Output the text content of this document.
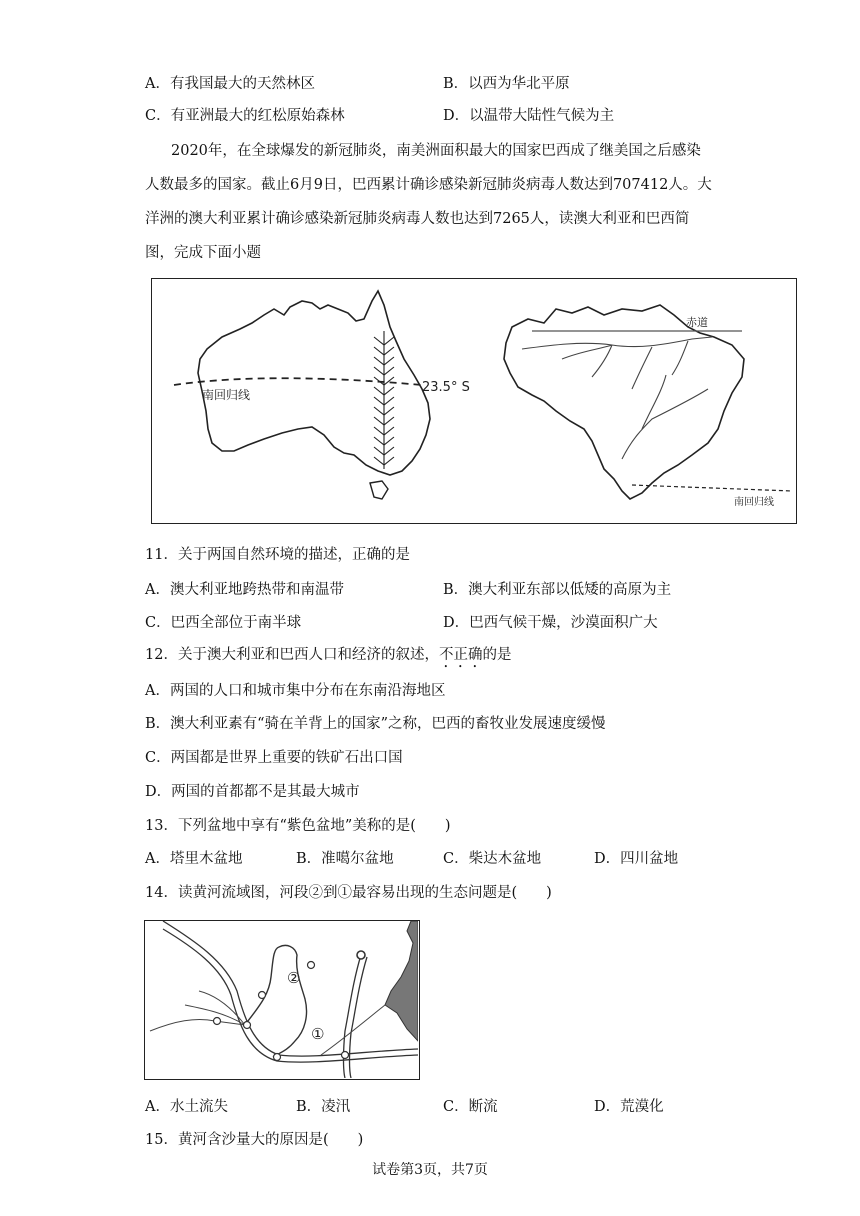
A．有我国最大的天然林区	B．以西为华北平原
C．有亚洲最大的红松原始森林	D．以温带大陆性气候为主
2020年，在全球爆发的新冠肺炎，南美洲面积最大的国家巴西成了继美国之后感染人数最多的国家。截止6月9日，巴西累计确诊感染新冠肺炎病毒人数达到707412人。大洋洲的澳大利亚累计确诊感染新冠肺炎病毒人数也达到7265人，读澳大利亚和巴西简图，完成下面小题
南回归线	23.5° S
赤道
南回归线
11．关于两国自然环境的描述，正确的是
A．澳大利亚地跨热带和南温带	B．澳大利亚东部以低矮的高原为主
C．巴西全部位于南半球	D．巴西气候干燥，沙漠面积广大
12．关于澳大利亚和巴西人口和经济的叙述，不正确的是
A．两国的人口和城市集中分布在东南沿海地区
B．澳大利亚素有“骑在羊背上的国家”之称，巴西的畜牧业发展速度缓慢
C．两国都是世界上重要的铁矿石出口国
D．两国的首都都不是其最大城市
13．下列盆地中享有“紫色盆地”美称的是(　　)
A．塔里木盆地	B．准噶尔盆地	C．柴达木盆地	D．四川盆地
14．读黄河流域图，河段②到①最容易出现的生态问题是(　　)
②
①
A．水土流失	B．凌汛	C．断流	D．荒漠化
15．黄河含沙量大的原因是(　　)
试卷第3页，共7页
